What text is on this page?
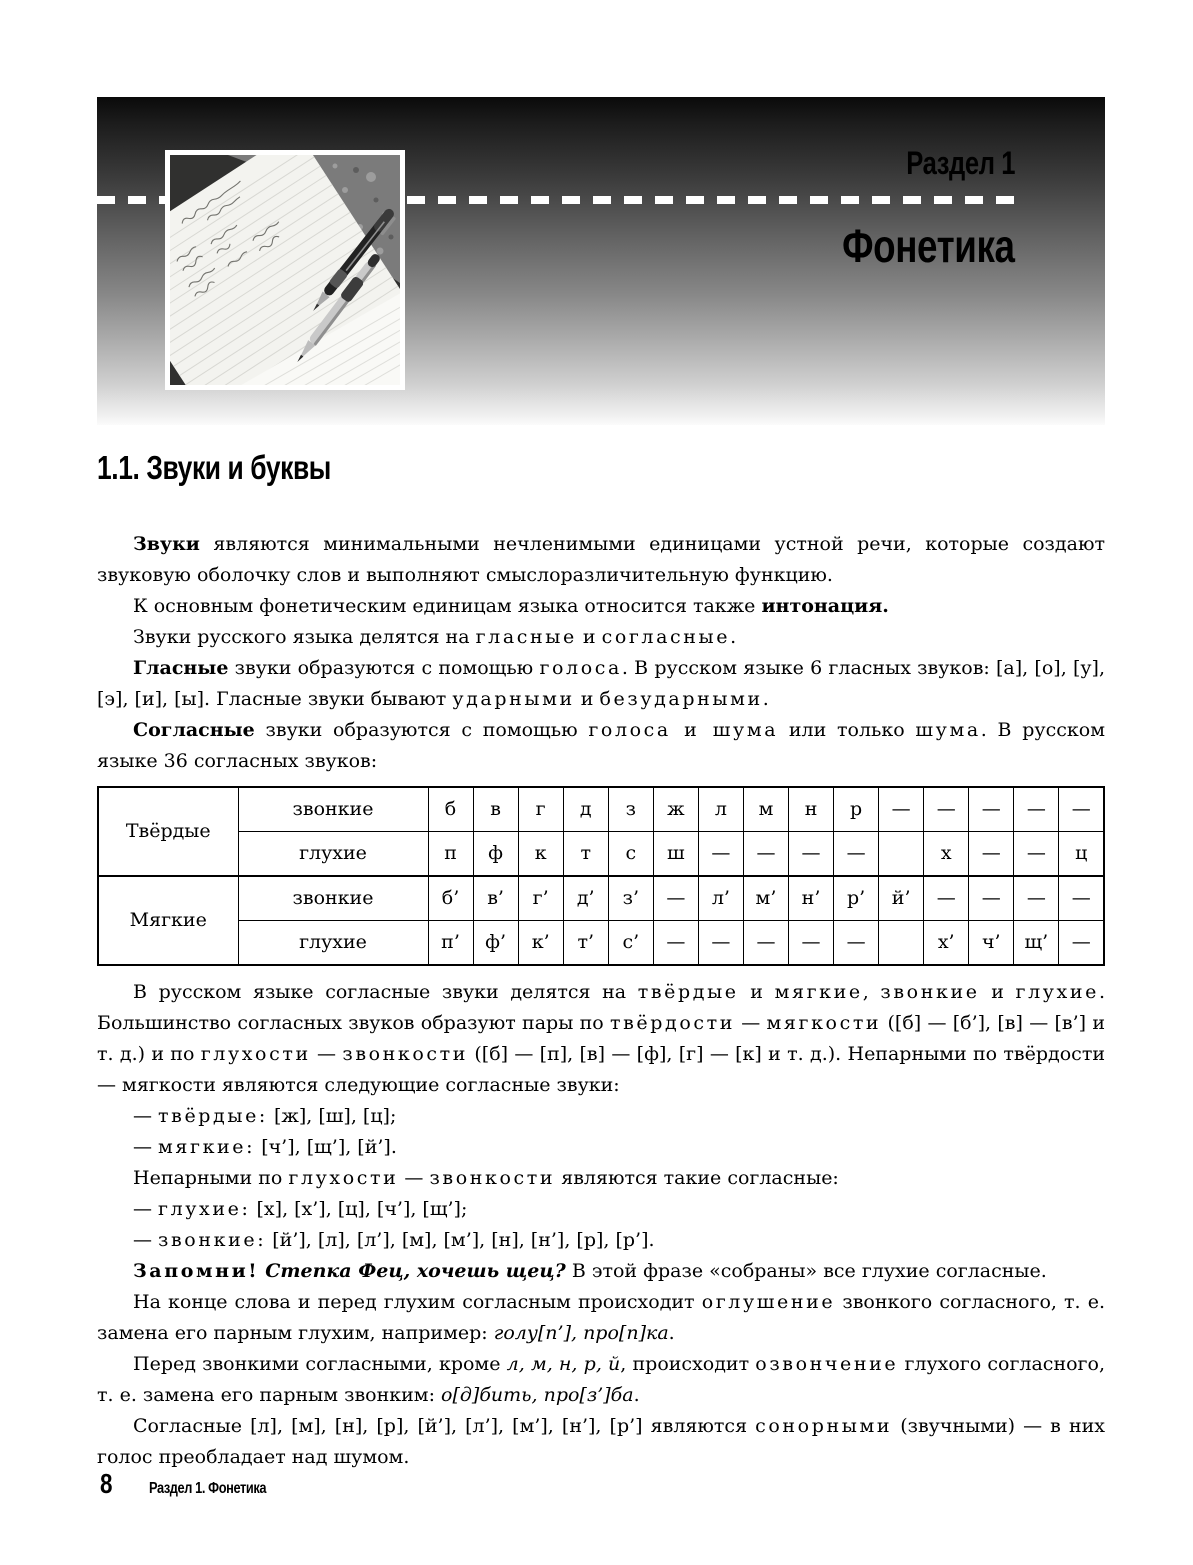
Раздел 1
Фонетика
1.1. Звуки и буквы

Звуки являются минимальными нечленимыми единицами устной речи, которые создают звуковую оболочку слов и выполняют смыслоразличительную функцию.

К основным фонетическим единицам языка относится также интонация.

Звуки русского языка делятся на гласные и согласные.

Гласные звуки образуются с помощью голоса. В русском языке 6 гласных звуков: [а], [о], [у], [э], [и], [ы]. Гласные звуки бывают ударными и безударными.

Согласные звуки образуются с помощью голоса и шума или только шума. В русском языке 36 согласных звуков:

Твёрдые	звонкие	б	в	г	д	з	ж	л	м	н	р	—	—	—	—	—
	глухие	п	ф	к	т	с	ш	—	—	—	—		х	—	—	ц
Мягкие	звонкие	б’	в’	г’	д’	з’	—	л’	м’	н’	р’	й’	—	—	—	—
	глухие	п’	ф’	к’	т’	с’	—	—	—	—	—		х’	ч’	щ’	—

В русском языке согласные звуки делятся на твёрдые и мягкие, звонкие и глухие. Большинство согласных звуков образуют пары по твёрдости — мягкости ([б] — [б’], [в] — [в’] и т. д.) и по глухости — звонкости ([б] — [п], [в] — [ф], [г] — [к] и т. д.). Непарными по твёрдости — мягкости являются следующие согласные звуки:

— твёрдые: [ж], [ш], [ц];

— мягкие: [ч’], [щ’], [й’].

Непарными по глухости — звонкости являются такие согласные:

— глухие: [х], [х’], [ц], [ч’], [щ’];

— звонкие: [й’], [л], [л’], [м], [м’], [н], [н’], [р], [р’].

Запомни! Степка Фец, хочешь щец? В этой фразе «собраны» все глухие согласные.

На конце слова и перед глухим согласным происходит оглушение звонкого согласного, т. е. замена его парным глухим, например: голу[п’], про[п]ка.

Перед звонкими согласными, кроме л, м, н, р, й, происходит озвончение глухого согласного, т. е. замена его парным звонким: о[д]бить, про[з’]ба.

Согласные [л], [м], [н], [р], [й’], [л’], [м’], [н’], [р’] являются сонорными (звучными) — в них голос преобладает над шумом.

8 Раздел 1. Фонетика
